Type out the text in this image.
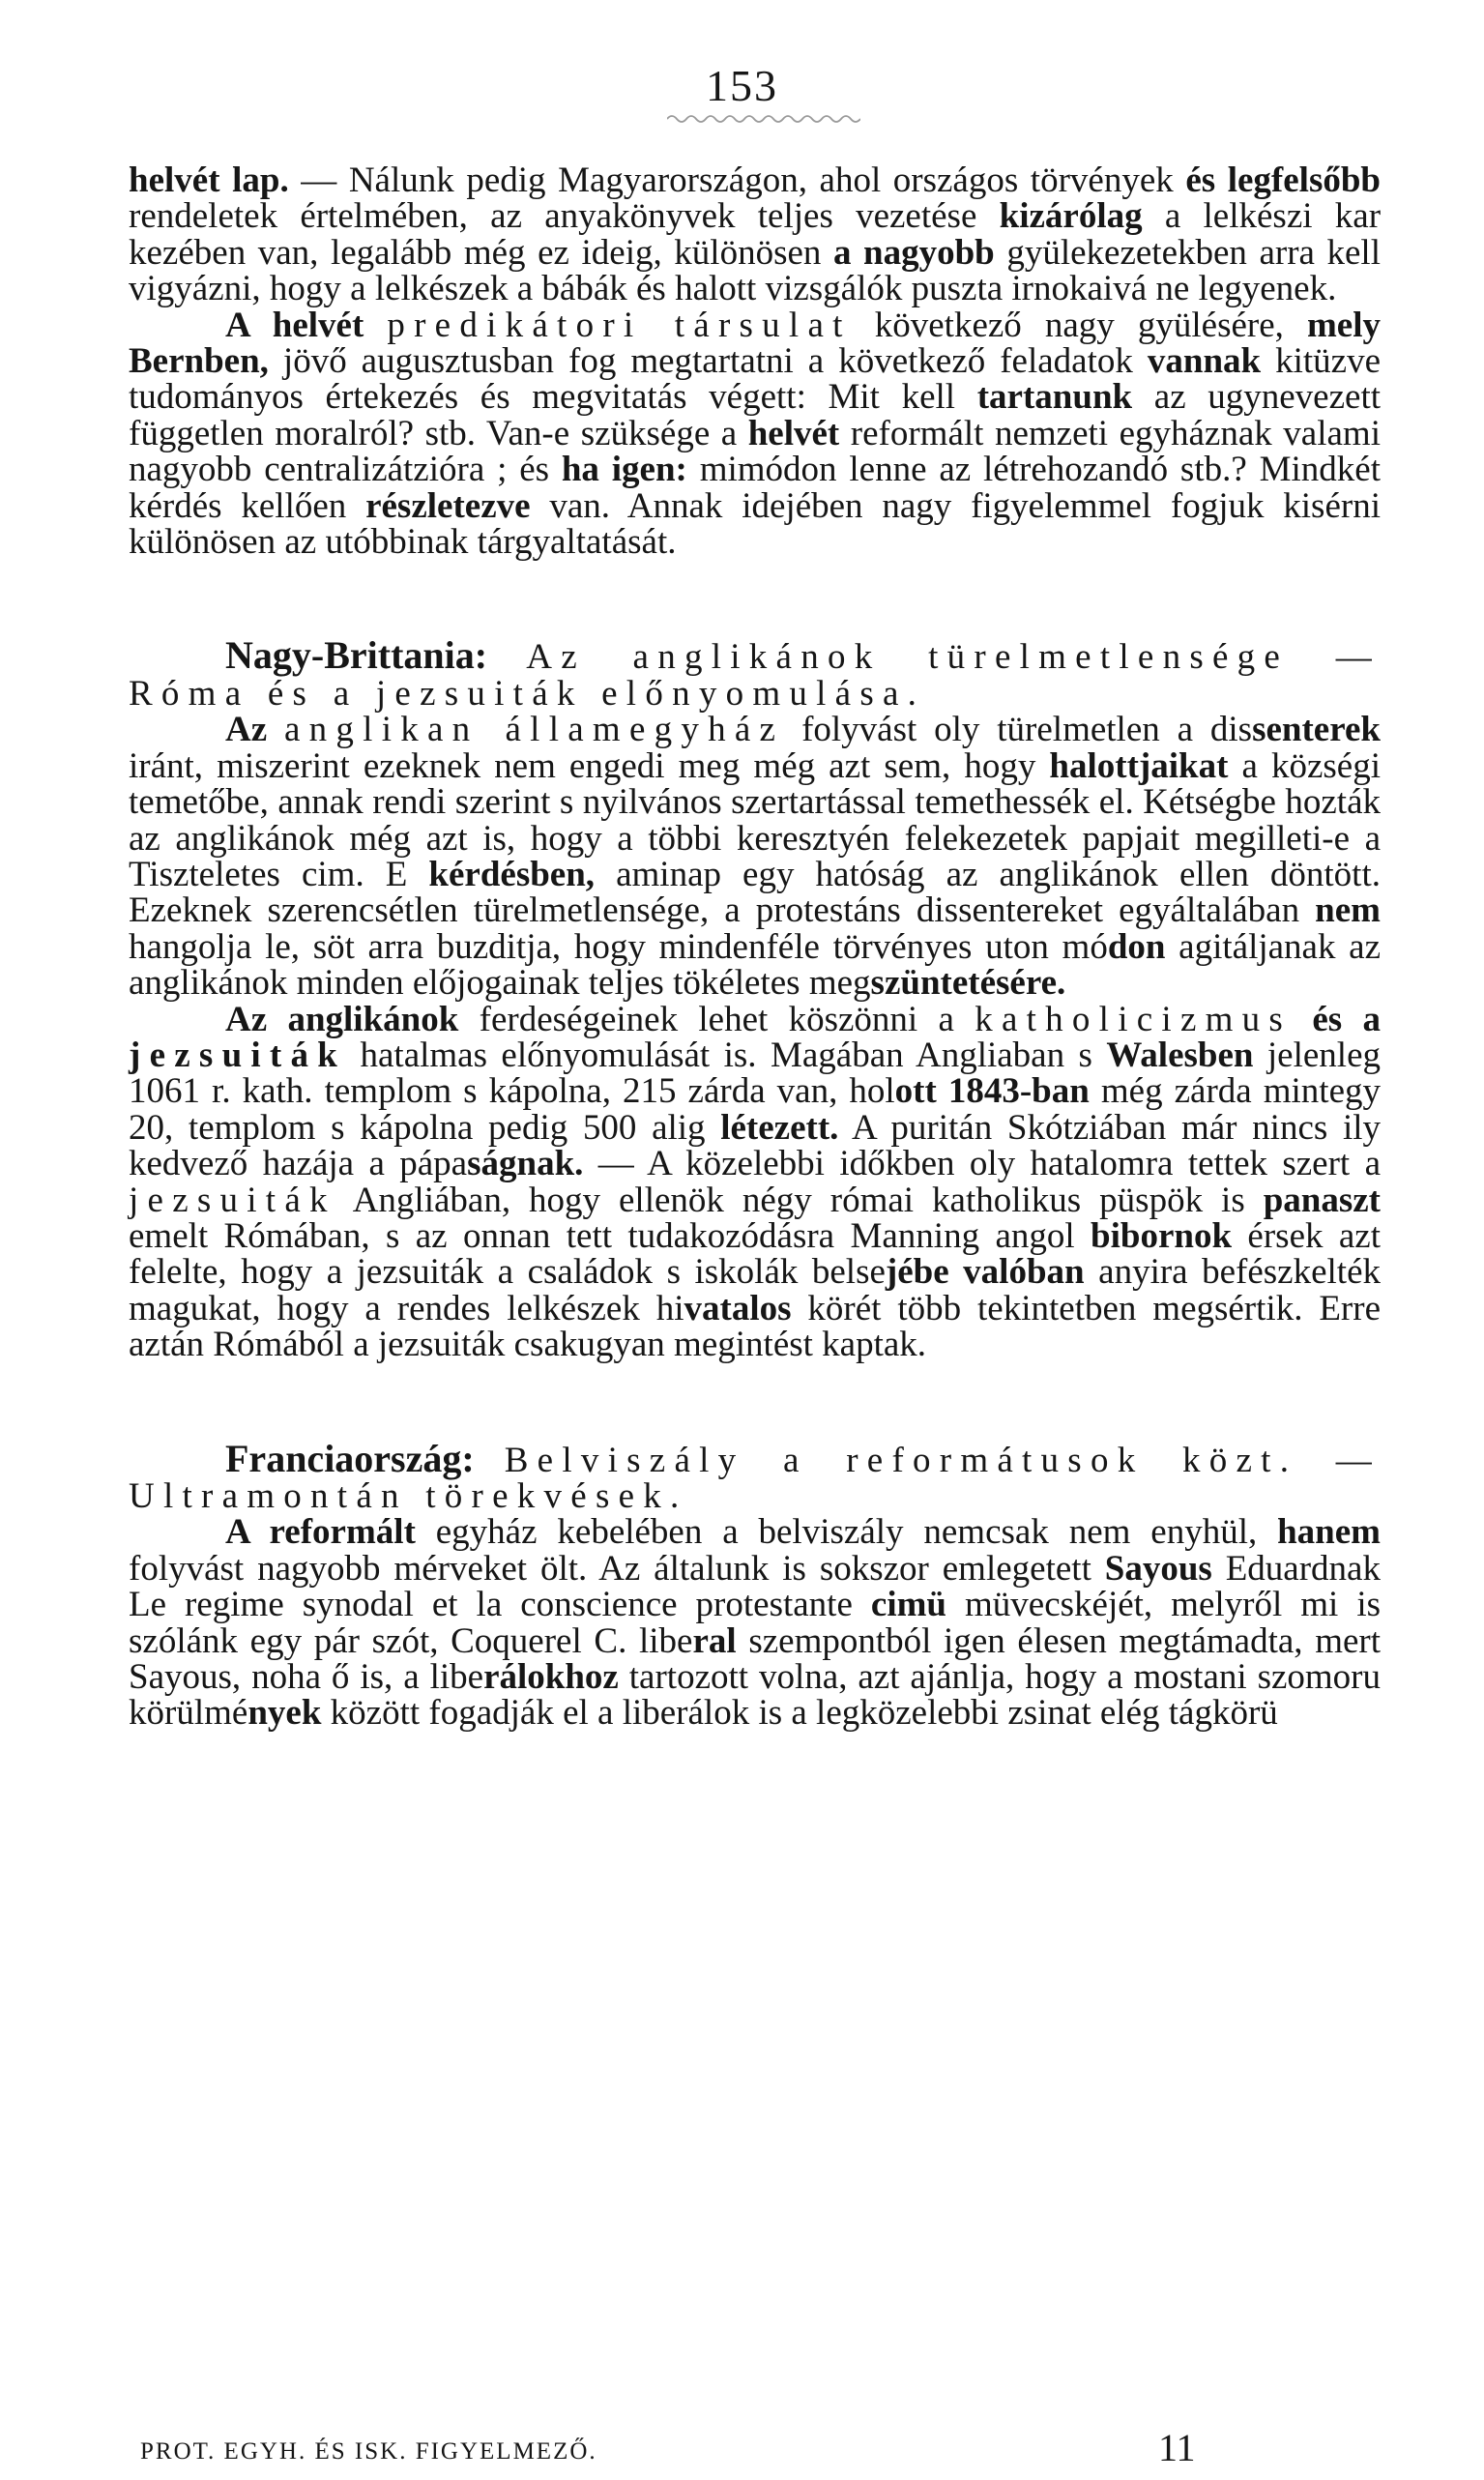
153

helvét lap. — Nálunk pedig Magyarországon, ahol országos törvények és legfelsőbb rendeletek értelmében, az anyakönyvek teljes vezetése kizárólag a lelkészi kar kezében van, legalább még ez ideig, különösen a nagyobb gyülekezetekben arra kell vigyázni, hogy a lelkészek a bábák és halott vizsgálók puszta irnokaivá ne legyenek.

A helvét predikátori társulat következő nagy gyülésére, mely Bernben, jövő augusztusban fog megtartatni a következő feladatok vannak kitüzve tudományos értekezés és megvitatás végett: Mit kell tartanunk az ugynevezett független moralról? stb. Van-e szüksége a helvét reformált nemzeti egyháznak valami nagyobb centralizátzióra ; és ha igen: mimódon lenne az létrehozandó stb.? Mindkét kérdés kellően részletezve van. Annak idejében nagy figyelemmel fogjuk kisérni különösen az utóbbinak tárgyaltatását.

Nagy-Brittania: Az anglikánok türelmetlensége — Róma és a jezsuiták előnyomulása.

Az anglikan államegyház folyvást oly türelmetlen a dissenterek iránt, miszerint ezeknek nem engedi meg még azt sem, hogy halottjaikat a községi temetőbe, annak rendi szerint s nyilvános szertartással temethessék el. Kétségbe hozták az anglikánok még azt is, hogy a többi keresztyén felekezetek papjait megilleti-e a Tiszteletes cim. E kérdésben, aminap egy hatóság az anglikánok ellen döntött. Ezeknek szerencsétlen türelmetlensége, a protestáns dissentereket egyáltalában nem hangolja le, söt arra buzditja, hogy mindenféle törvényes uton módon agitáljanak az anglikánok minden előjogainak teljes tökéletes megszüntetésére.

Az anglikánok ferdeségeinek lehet köszönni a katholicizmus és a jezsuiták hatalmas előnyomulását is. Magában Angliaban s Walesben jelenleg 1061 r. kath. templom s kápolna, 215 zárda van, holott 1843-ban még zárda mintegy 20, templom s kápolna pedig 500 alig létezett. A puritán Skótziában már nincs ily kedvező hazája a pápaságnak. — A közelebbi időkben oly hatalomra tettek szert a jezsuiták Angliában, hogy ellenök négy római katholikus püspök is panaszt emelt Rómában, s az onnan tett tudakozódásra Manning angol bibornok érsek azt felelte, hogy a jezsuiták a családok s iskolák belsejébe valóban anyira befészkelték magukat, hogy a rendes lelkészek hivatalos körét több tekintetben megsértik. Erre aztán Rómából a jezsuiták csakugyan megintést kaptak.

Franciaország: Belviszály a reformátusok közt. — Ultramontán törekvések.

A reformált egyház kebelében a belviszály nemcsak nem enyhül, hanem folyvást nagyobb mérveket ölt. Az általunk is sokszor emlegetett Sayous Eduardnak Le regime synodal et la conscience protestante cimü müvecskéjét, melyről mi is szólánk egy pár szót, Coquerel C. liberal szempontból igen élesen megtámadta, mert Sayous, noha ő is, a liberálokhoz tartozott volna, azt ajánlja, hogy a mostani szomoru körülmények között fogadják el a liberálok is a legközelebbi zsinat elég tágkörü

PROT. EGYH. ÉS ISK. FIGYELMEZŐ.	11
